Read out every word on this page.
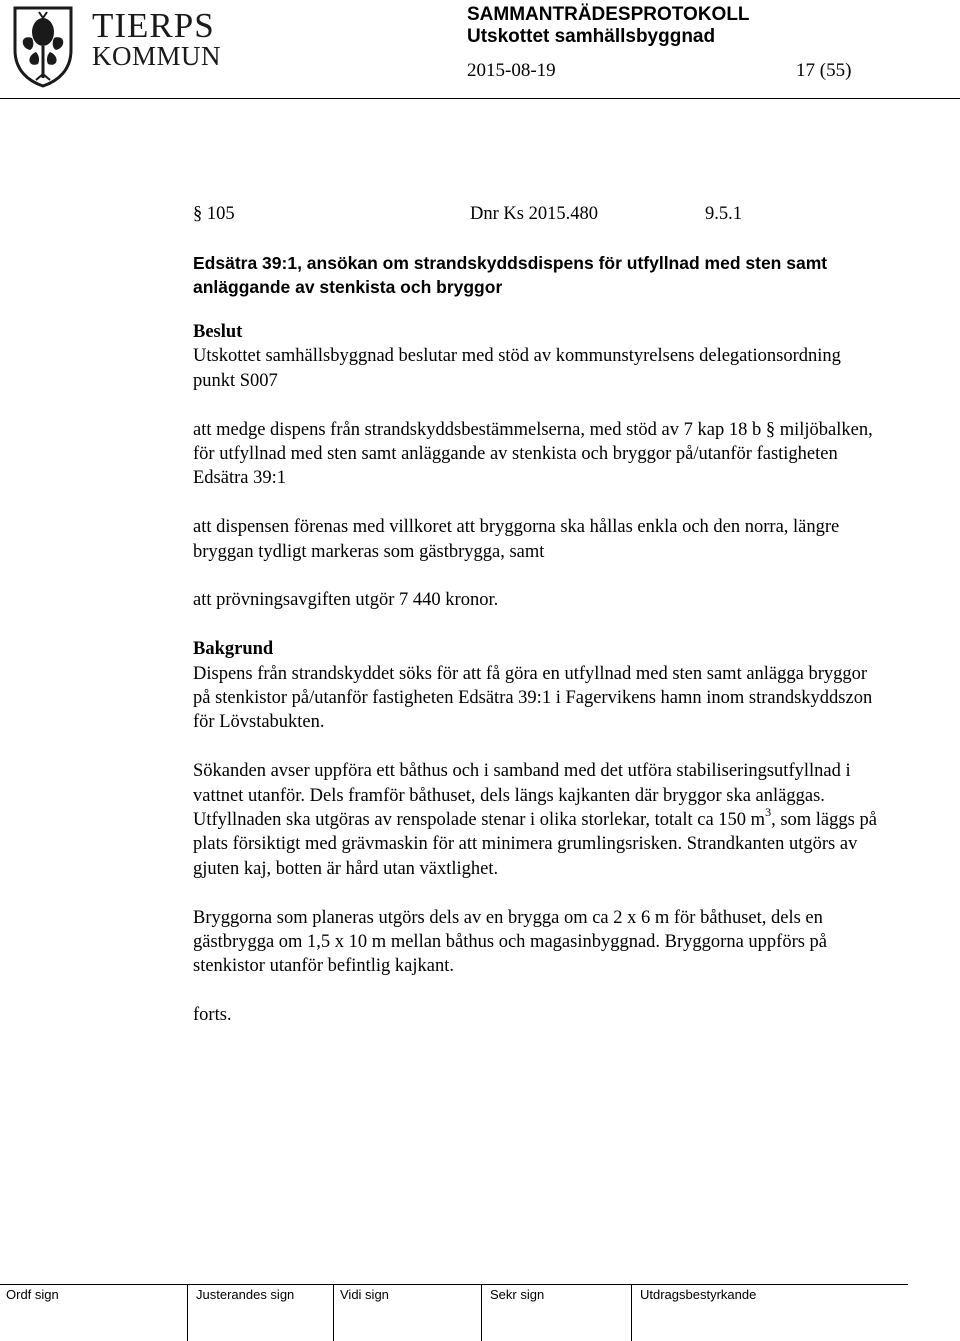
TIERPS
KOMMUN
SAMMANTRÄDESPROTOKOLL
Utskottet samhällsbyggnad
2015-08-19	17 (55)
§ 105	Dnr Ks 2015.480	9.5.1

Edsätra 39:1, ansökan om strandskyddsdispens för utfyllnad med sten samt anläggande av stenkista och bryggor

Beslut

Utskottet samhällsbyggnad beslutar med stöd av kommunstyrelsens delegationsordning punkt S007

att medge dispens från strandskyddsbestämmelserna, med stöd av 7 kap 18 b § miljöbalken, för utfyllnad med sten samt anläggande av stenkista och bryggor på/utanför fastigheten Edsätra 39:1

att dispensen förenas med villkoret att bryggorna ska hållas enkla och den norra, längre bryggan tydligt markeras som gästbrygga, samt

att prövningsavgiften utgör 7 440 kronor.

Bakgrund

Dispens från strandskyddet söks för att få göra en utfyllnad med sten samt anlägga bryggor på stenkistor på/utanför fastigheten Edsätra 39:1 i Fagervikens hamn inom strandskyddszon för Lövstabukten.

Sökanden avser uppföra ett båthus och i samband med det utföra stabiliseringsutfyllnad i vattnet utanför. Dels framför båthuset, dels längs kajkanten där bryggor ska anläggas. Utfyllnaden ska utgöras av renspolade stenar i olika storlekar, totalt ca 150 $m^3$, som läggs på plats försiktigt med grävmaskin för att minimera grumlingsrisken. Strandkanten utgörs av gjuten kaj, botten är hård utan växtlighet.

Bryggorna som planeras utgörs dels av en brygga om ca 2 x 6 m för båthuset, dels en gästbrygga om 1,5 x 10 m mellan båthus och magasinbyggnad. Bryggorna uppförs på stenkistor utanför befintlig kajkant.

forts.

Ordf sign	Justerandes sign	Vidi sign	Sekr sign	Utdragsbestyrkande
